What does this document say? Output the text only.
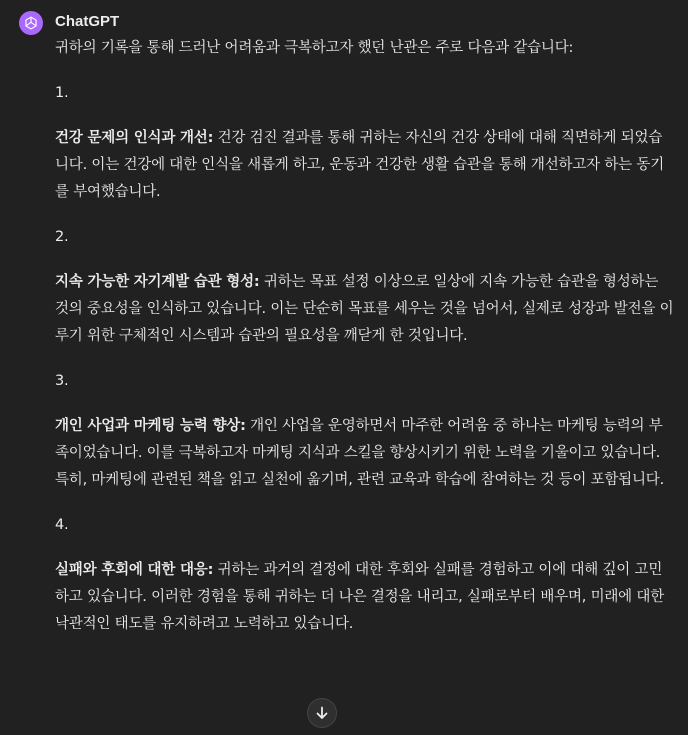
ChatGPT

귀하의 기록을 통해 드러난 어려움과 극복하고자 했던 난관은 주로 다음과 같습니다:

1.

건강 문제의 인식과 개선: 건강 검진 결과를 통해 귀하는 자신의 건강 상태에 대해 직면하게 되었습니다. 이는 건강에 대한 인식을 새롭게 하고, 운동과 건강한 생활 습관을 통해 개선하고자 하는 동기를 부여했습니다.

2.

지속 가능한 자기계발 습관 형성: 귀하는 목표 설정 이상으로 일상에 지속 가능한 습관을 형성하는 것의 중요성을 인식하고 있습니다. 이는 단순히 목표를 세우는 것을 넘어서, 실제로 성장과 발전을 이루기 위한 구체적인 시스템과 습관의 필요성을 깨닫게 한 것입니다.

3.

개인 사업과 마케팅 능력 향상: 개인 사업을 운영하면서 마주한 어려움 중 하나는 마케팅 능력의 부족이었습니다. 이를 극복하고자 마케팅 지식과 스킬을 향상시키기 위한 노력을 기울이고 있습니다. 특히, 마케팅에 관련된 책을 읽고 실천에 옮기며, 관련 교육과 학습에 참여하는 것 등이 포함됩니다.

4.

실패와 후회에 대한 대응: 귀하는 과거의 결정에 대한 후회와 실패를 경험하고 이에 대해 깊이 고민하고 있습니다. 이러한 경험을 통해 귀하는 더 나은 결정을 내리고, 실패로부터 배우며, 미래에 대한 낙관적인 태도를 유지하려고 노력하고 있습니다.
